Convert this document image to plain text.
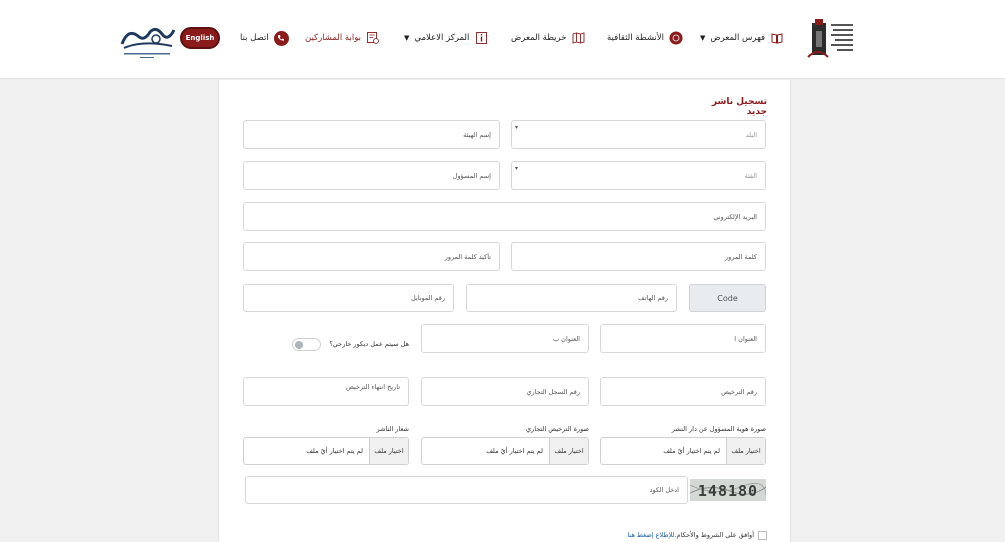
فهرس المعرض
▼
الأنشطة الثقافية
خريطة المعرض
المركز الاعلامي
▼
بوابة المشاركين
اتصل بنا
English
تسجيل ناشر جديد
البلد
▾
إسم الهيئة
الفئة
▾
إسم المسؤول
البريد الإلكتروني
كلمة المرور
تأكيد كلمة المرور
Code
رقم الهاتف
رقم الموبايل
العنوان ا
العنوان ب
هل سيتم عمل ديكور خارجي؟
رقم الترخيص
رقم السجل التجاري
تاريخ انتهاء الترخيص
صورة هوية المسؤول عن دار النشر
صورة الترخيص التجاري
شعار الناشر
اختيار ملف
لم يتم اختيار أيّ ملف
اختيار ملف
لم يتم اختيار أيّ ملف
اختيار ملف
لم يتم اختيار أيّ ملف
148180
ادخل الكود
أوافق على الشروط والأحكام.للإطلاع إضغط هنا
